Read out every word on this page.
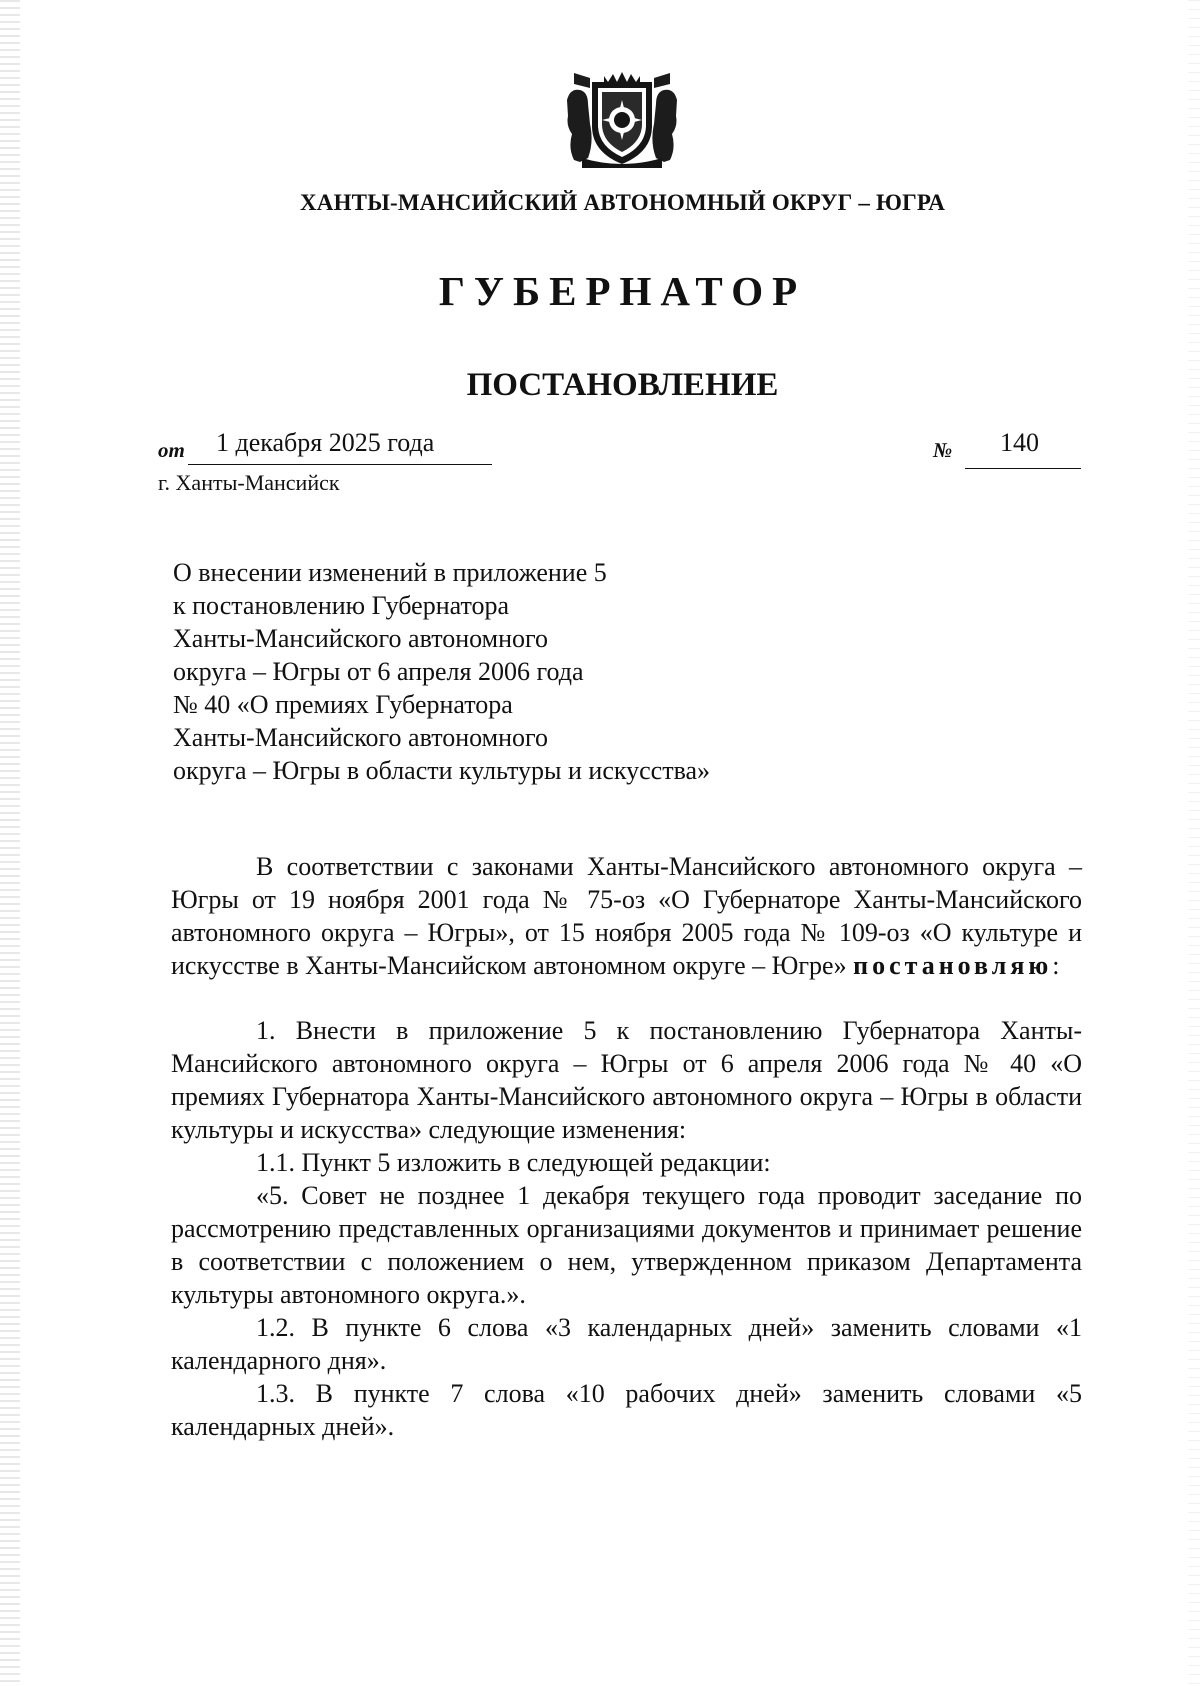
ХАНТЫ-МАНСИЙСКИЙ АВТОНОМНЫЙ ОКРУГ – ЮГРА
ГУБЕРНАТОР
ПОСТАНОВЛЕНИЕ
от 1 декабря 2025 года	№ 140

г. Ханты-Мансийск

О внесении изменений в приложение 5
к постановлению Губернатора
Ханты-Мансийского автономного
округа – Югры от 6 апреля 2006 года
№ 40 «О премиях Губернатора
Ханты-Мансийского автономного
округа – Югры в области культуры и искусства»

В соответствии с законами Ханты-Мансийского автономного округа – Югры от 19 ноября 2001 года № 75-оз «О Губернаторе Ханты-Мансийского автономного округа – Югры», от 15 ноября 2005 года № 109-оз «О культуре и искусстве в Ханты-Мансийском автономном округе – Югре» постановляю:

1. Внести в приложение 5 к постановлению Губернатора Ханты-Мансийского автономного округа – Югры от 6 апреля 2006 года № 40 «О премиях Губернатора Ханты-Мансийского автономного округа – Югры в области культуры и искусства» следующие изменения:

1.1. Пункт 5 изложить в следующей редакции:

«5. Совет не позднее 1 декабря текущего года проводит заседание по рассмотрению представленных организациями документов и принимает решение в соответствии с положением о нем, утвержденном приказом Департамента культуры автономного округа.».

1.2. В пункте 6 слова «3 календарных дней» заменить словами «1 календарного дня».

1.3. В пункте 7 слова «10 рабочих дней» заменить словами «5 календарных дней».
